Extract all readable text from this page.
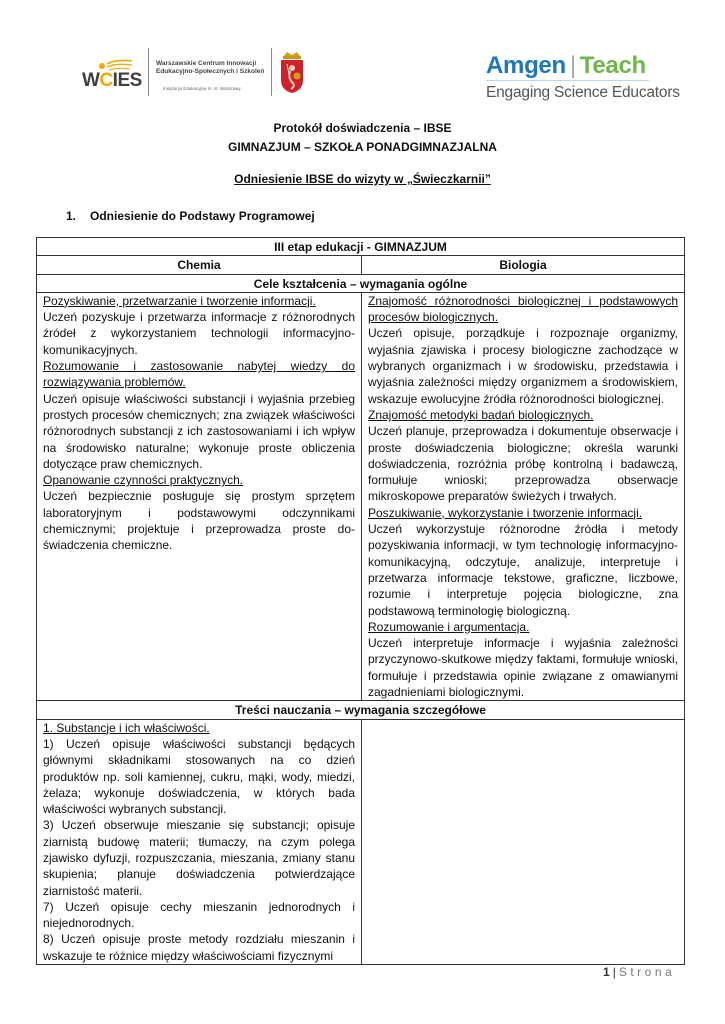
WCIES
Warszawskie Centrum Innowacji
Edukacyjno-Społecznych i Szkoleń
Instytucja Edukacyjna m. st. Warszawy
Amgen | Teach
Engaging Science Educators
Protokół doświadczenia – IBSE
GIMNAZJUM – SZKOŁA PONADGIMNAZJALNA
Odniesienie IBSE do wizyty w „Świeczkarnii”
1. Odniesienie do Podstawy Programowej
III etap edukacji - GIMNAZJUM	
Chemia	Biologia
Cele kształcenia – wymagania ogólne	
Pozyskiwanie, przetwarzanie i tworzenie informacji.
Uczeń pozyskuje i przetwarza informacje z różnorodnych źródeł z wykorzystaniem technologii informacyjno-komunikacyjnych.
Rozumowanie i zastosowanie nabytej wiedzy do rozwiązywania problemów.
Uczeń opisuje właściwości substancji i wyjaśnia przebieg prostych procesów chemicznych; zna związek właściwości różnorodnych substancji z ich zastosowaniami i ich wpływ na środowisko naturalne; wykonuje proste obliczenia dotyczące praw chemicznych.
Opanowanie czynności praktycznych.
Uczeń bezpiecznie posługuje się prostym sprzętem laboratoryjnym i podstawowymi odczynnikami chemicznymi; projektuje i przeprowadza proste do-świadczenia chemiczne.
	Znajomość różnorodności biologicznej i podstawowych procesów biologicznych.
Uczeń opisuje, porządkuje i rozpoznaje organizmy, wyjaśnia zjawiska i procesy biologiczne zachodzące w wybranych organizmach i w środowisku, przedstawia i wyjaśnia zależności między organizmem a środowiskiem, wskazuje ewolucyjne źródła różnorodności biologicznej.
Znajomość metodyki badań biologicznych.
Uczeń planuje, przeprowadza i dokumentuje obserwacje i proste doświadczenia biologiczne; określa warunki doświadczenia, rozróżnia próbę kontrolną i badawczą, formułuje wnioski; przeprowadza obserwacje mikroskopowe preparatów świeżych i trwałych.
Poszukiwanie, wykorzystanie i tworzenie informacji.
Uczeń wykorzystuje różnorodne źródła i metody pozyskiwania informacji, w tym technologię informacyjno-komunikacyjną, odczytuje, analizuje, interpretuje i przetwarza informacje tekstowe, graficzne, liczbowe, rozumie i interpretuje pojęcia biologiczne, zna podstawową terminologię biologiczną.
Rozumowanie i argumentacja.
Uczeń interpretuje informacje i wyjaśnia zależności przyczynowo-skutkowe między faktami, formułuje wnioski, formułuje i przedstawia opinie związane z omawianymi zagadnieniami biologicznymi.

Treści nauczania – wymagania szczegółowe	
1. Substancje i ich właściwości.
1) Uczeń opisuje właściwości substancji będących głównymi składnikami stosowanych na co dzień produktów np. soli kamiennej, cukru, mąki, wody, miedzi, żelaza; wykonuje doświadczenia, w których bada właściwości wybranych substancji.
3) Uczeń obserwuje mieszanie się substancji; opisuje ziarnistą budowę materii; tłumaczy, na czym polega zjawisko dyfuzji, rozpuszczania, mieszania, zmiany stanu skupienia; planuje doświadczenia potwierdzające ziarnistość materii.
7) Uczeń opisuje cechy mieszanin jednorodnych i niejednorodnych.
8) Uczeń opisuje proste metody rozdziału mieszanin i wskazuje te różnice między właściwościami fizycznymi	

1 | Strona
